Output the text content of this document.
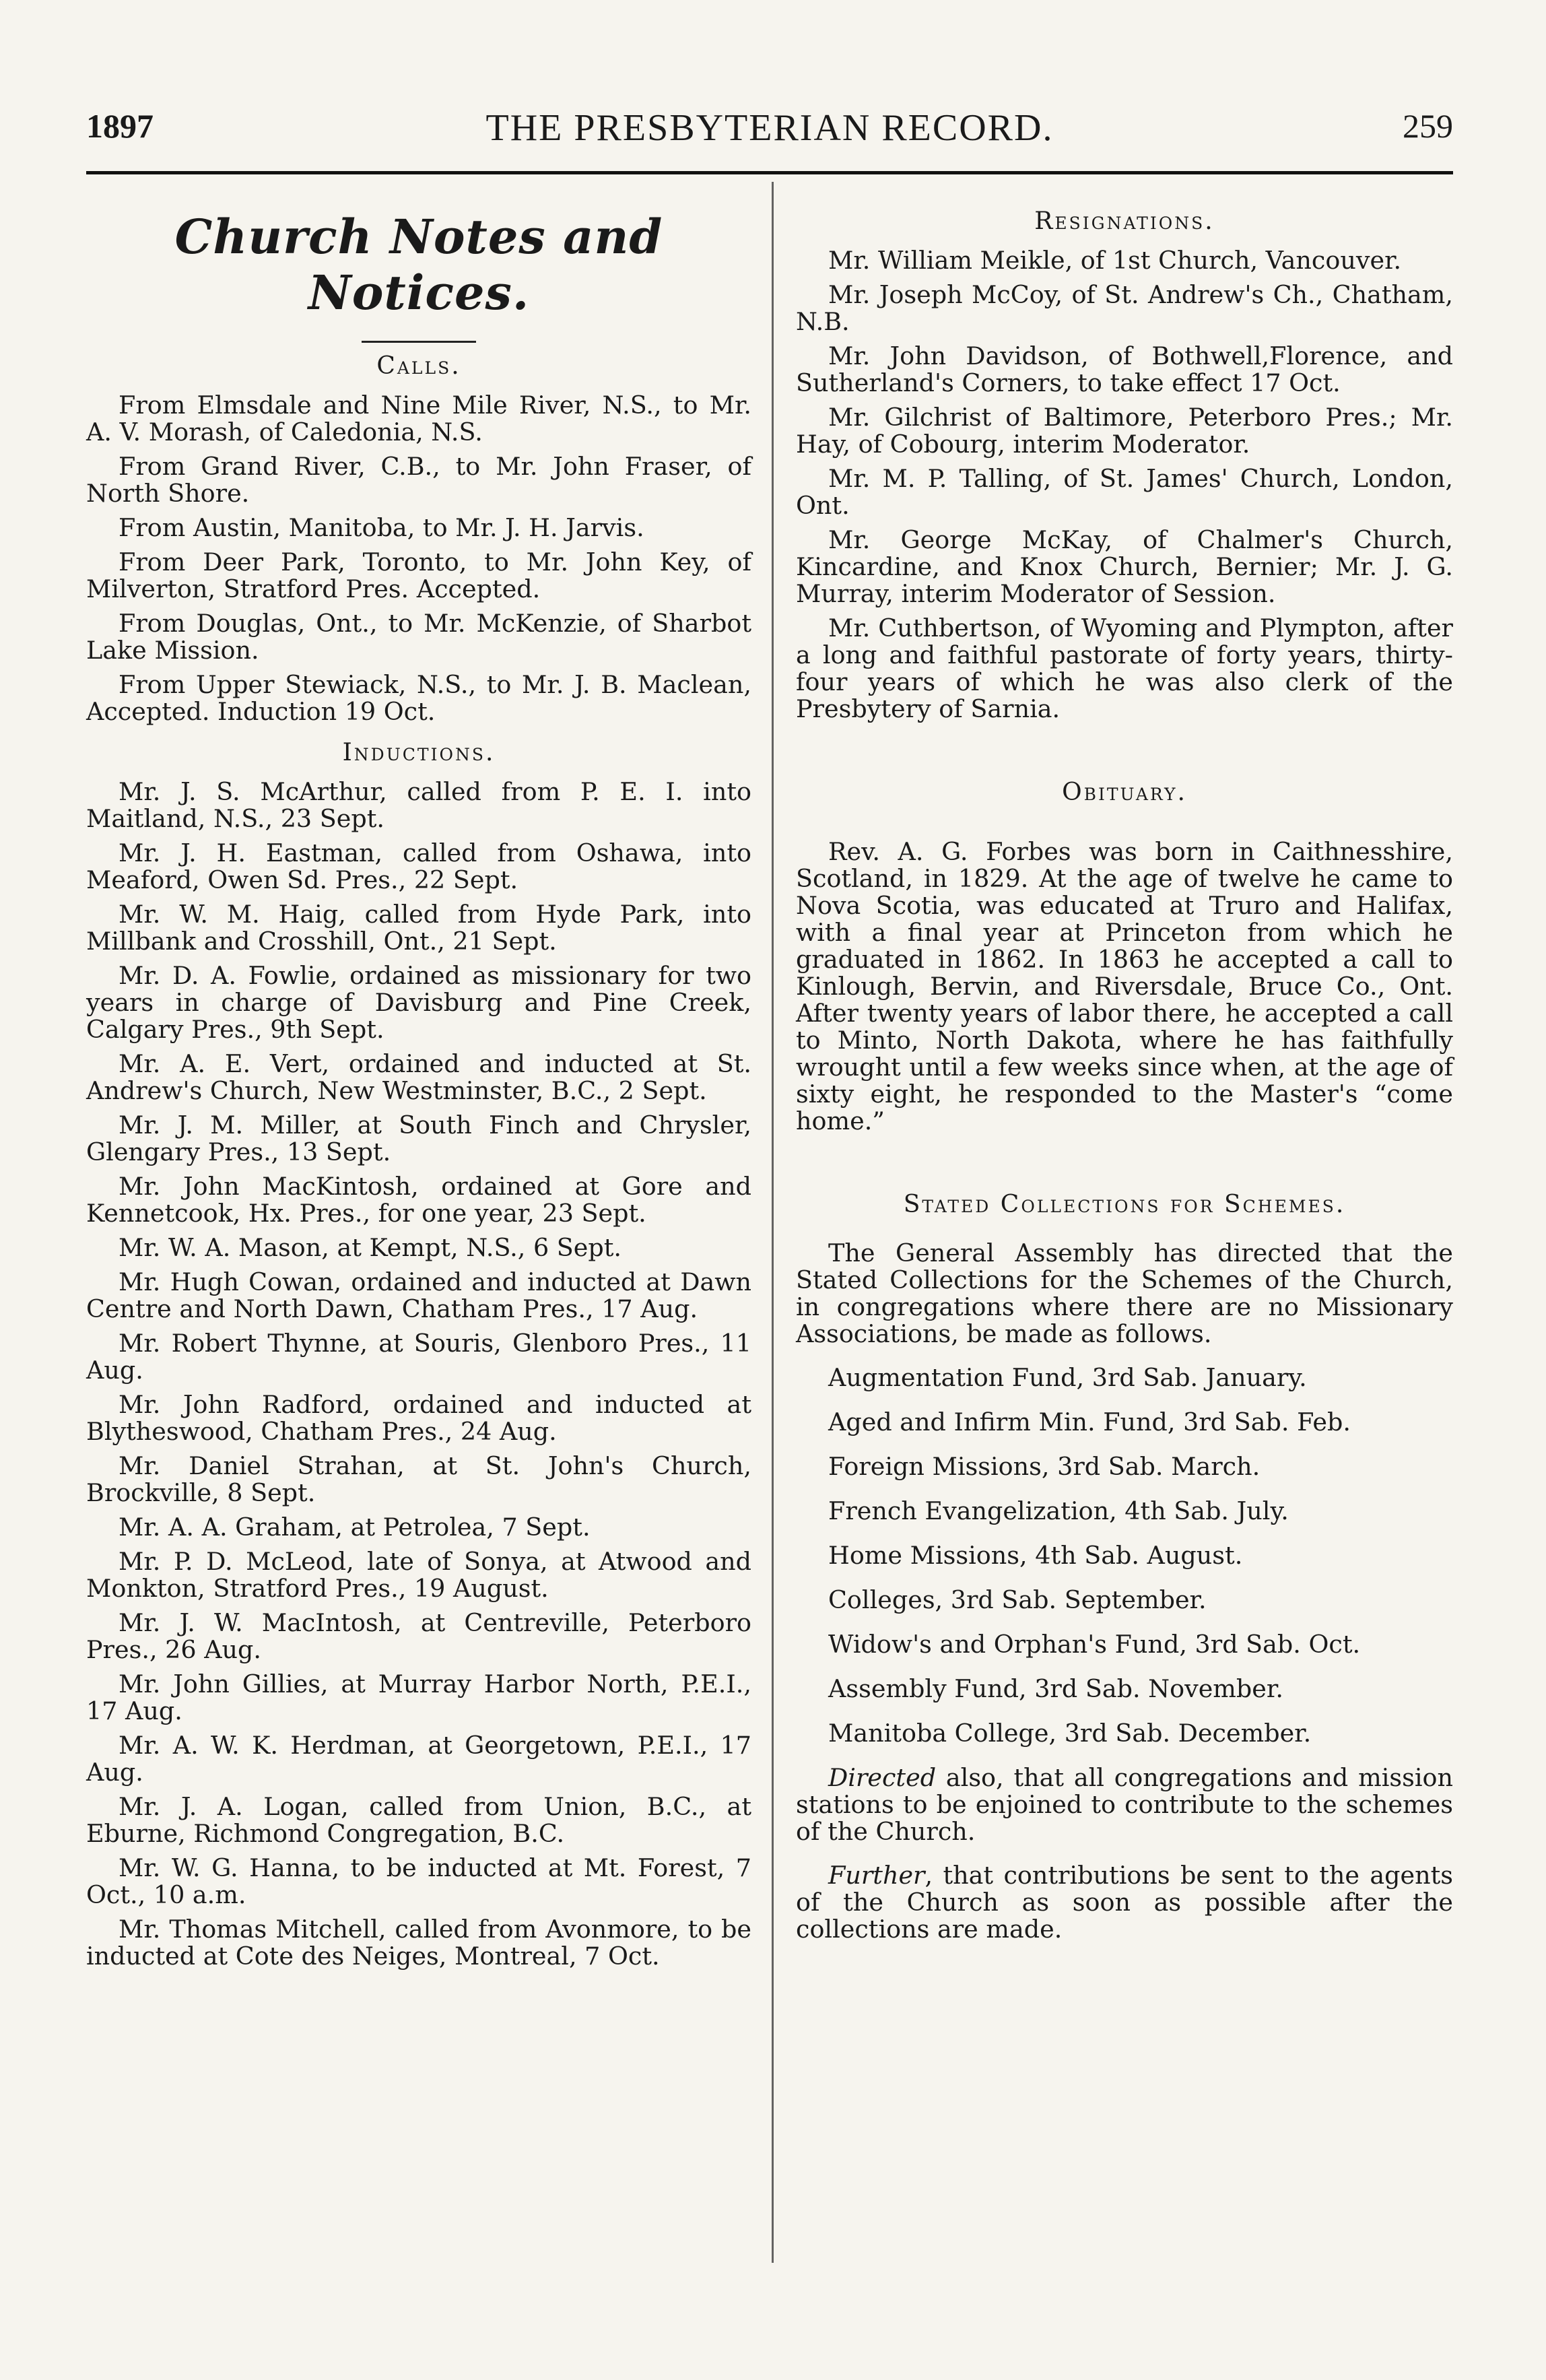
1897	THE PRESBYTERIAN RECORD.	259
Church Notes and Notices.
Calls.

From Elmsdale and Nine Mile River, N.S., to Mr. A. V. Morash, of Caledonia, N.S.

From Grand River, C.B., to Mr. John Fraser, of North Shore.

From Austin, Manitoba, to Mr. J. H. Jarvis.

From Deer Park, Toronto, to Mr. John Key, of Milverton, Stratford Pres. Accepted.

From Douglas, Ont., to Mr. McKenzie, of Sharbot Lake Mission.

From Upper Stewiack, N.S., to Mr. J. B. Maclean, Accepted. Induction 19 Oct.

Inductions.

Mr. J. S. McArthur, called from P. E. I. into Maitland, N.S., 23 Sept.

Mr. J. H. Eastman, called from Oshawa, into Meaford, Owen Sd. Pres., 22 Sept.

Mr. W. M. Haig, called from Hyde Park, into Millbank and Crosshill, Ont., 21 Sept.

Mr. D. A. Fowlie, ordained as missionary for two years in charge of Davisburg and Pine Creek, Calgary Pres., 9th Sept.

Mr. A. E. Vert, ordained and inducted at St. Andrew's Church, New Westminster, B.C., 2 Sept.

Mr. J. M. Miller, at South Finch and Chrysler, Glengary Pres., 13 Sept.

Mr. John MacKintosh, ordained at Gore and Kennetcook, Hx. Pres., for one year, 23 Sept.

Mr. W. A. Mason, at Kempt, N.S., 6 Sept.

Mr. Hugh Cowan, ordained and inducted at Dawn Centre and North Dawn, Chatham Pres., 17 Aug.

Mr. Robert Thynne, at Souris, Glenboro Pres., 11 Aug.

Mr. John Radford, ordained and inducted at Blytheswood, Chatham Pres., 24 Aug.

Mr. Daniel Strahan, at St. John's Church, Brockville, 8 Sept.

Mr. A. A. Graham, at Petrolea, 7 Sept.

Mr. P. D. McLeod, late of Sonya, at Atwood and Monkton, Stratford Pres., 19 August.

Mr. J. W. MacIntosh, at Centreville, Peterboro Pres., 26 Aug.

Mr. John Gillies, at Murray Harbor North, P.E.I., 17 Aug.

Mr. A. W. K. Herdman, at Georgetown, P.E.I., 17 Aug.

Mr. J. A. Logan, called from Union, B.C., at Eburne, Richmond Congregation, B.C.

Mr. W. G. Hanna, to be inducted at Mt. Forest, 7 Oct., 10 a.m.

Mr. Thomas Mitchell, called from Avonmore, to be inducted at Cote des Neiges, Montreal, 7 Oct.

Resignations.

Mr. William Meikle, of 1st Church, Vancouver.

Mr. Joseph McCoy, of St. Andrew's Ch., Chatham, N.B.

Mr. John Davidson, of Bothwell,Florence, and Sutherland's Corners, to take effect 17 Oct.

Mr. Gilchrist of Baltimore, Peterboro Pres.; Mr. Hay, of Cobourg, interim Moderator.

Mr. M. P. Talling, of St. James' Church, London, Ont.

Mr. George McKay, of Chalmer's Church, Kincardine, and Knox Church, Bernier; Mr. J. G. Murray, interim Moderator of Session.

Mr. Cuthbertson, of Wyoming and Plympton, after a long and faithful pastorate of forty years, thirty-four years of which he was also clerk of the Presbytery of Sarnia.

Obituary.

Rev. A. G. Forbes was born in Caithnesshire, Scotland, in 1829. At the age of twelve he came to Nova Scotia, was educated at Truro and Halifax, with a final year at Princeton from which he graduated in 1862. In 1863 he accepted a call to Kinlough, Bervin, and Riversdale, Bruce Co., Ont. After twenty years of labor there, he accepted a call to Minto, North Dakota, where he has faithfully wrought until a few weeks since when, at the age of sixty eight, he responded to the Master's “come home.”

Stated Collections for Schemes.

The General Assembly has directed that the Stated Collections for the Schemes of the Church, in congregations where there are no Missionary Associations, be made as follows.

Augmentation Fund, 3rd Sab. January.

Aged and Infirm Min. Fund, 3rd Sab. Feb.

Foreign Missions, 3rd Sab. March.

French Evangelization, 4th Sab. July.

Home Missions, 4th Sab. August.

Colleges, 3rd Sab. September.

Widow's and Orphan's Fund, 3rd Sab. Oct.

Assembly Fund, 3rd Sab. November.

Manitoba College, 3rd Sab. December.

Directed also, that all congregations and mission stations to be enjoined to contribute to the schemes of the Church.

Further, that contributions be sent to the agents of the Church as soon as possible after the collections are made.
